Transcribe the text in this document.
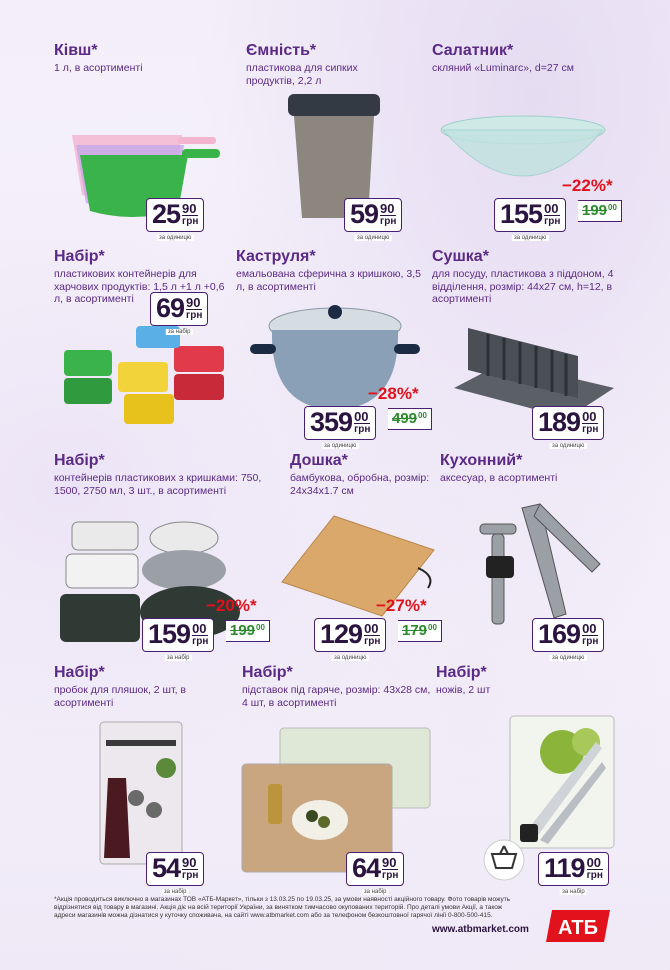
Ківш*
1 л, в асортименті
25 90
грн
за одиницю
Ємність*
пластикова для сипких продуктів, 2,2 л
59 90
грн
за одиницю
Салатник*
скляний «Luminarc», d=27 см
−22%*
155 00
грн
за одиницю
199 00
Набір*
пластикових контейнерів для харчових продуктів: 1,5 л +1 л +0,6 л, в асортименті 69 90
грн
за набір
Каструля*
емальована сферична з кришкою, 3,5 л, в асортименті
−28%*
359 00
грн
за одиницю
499 00
Сушка*
для посуду, пластикова з піддоном, 4 відділення, розмір: 44х27 см, h=12, в асортименті
189 00
грн
за одиницю
Набір*
контейнерів пластикових з кришками: 750, 1500, 2750 мл, 3 шт., в асортименті
−20%*
159 00
грн
за набір
199 00
Дошка*
бамбукова, обробна, розмір: 24х34х1.7 см
−27%*
129 00
грн
за одиницю
179 00
Кухонний*
аксесуар, в асортименті
169 00
грн
за одиницю
Набір*
пробок для пляшок, 2 шт, в асортименті
54 90
грн
за набір
Набір*
підставок під гаряче, розмір: 43х28 см, 4 шт, в асортименті
64 90
грн
за набір
Набір*
ножів, 2 шт
119 00
грн
за набір
*Акція проводиться виключно в магазинах ТОВ «АТБ-Маркет», тільки з 13.03.25 по 19.03.25, за умови наявності акційного товару. Фото товарів можуть відрізнятися від товару в магазині. Акція діє на всій території України, за винятком тимчасово окупованих територій. Про деталі умови Акції, а також адреси магазинів можна дізнатися у куточку споживача, на сайті www.atbmarket.com або за телефоном безкоштовної гарячої лінії 0-800-500-415.
www.atbmarket.com АТБ
